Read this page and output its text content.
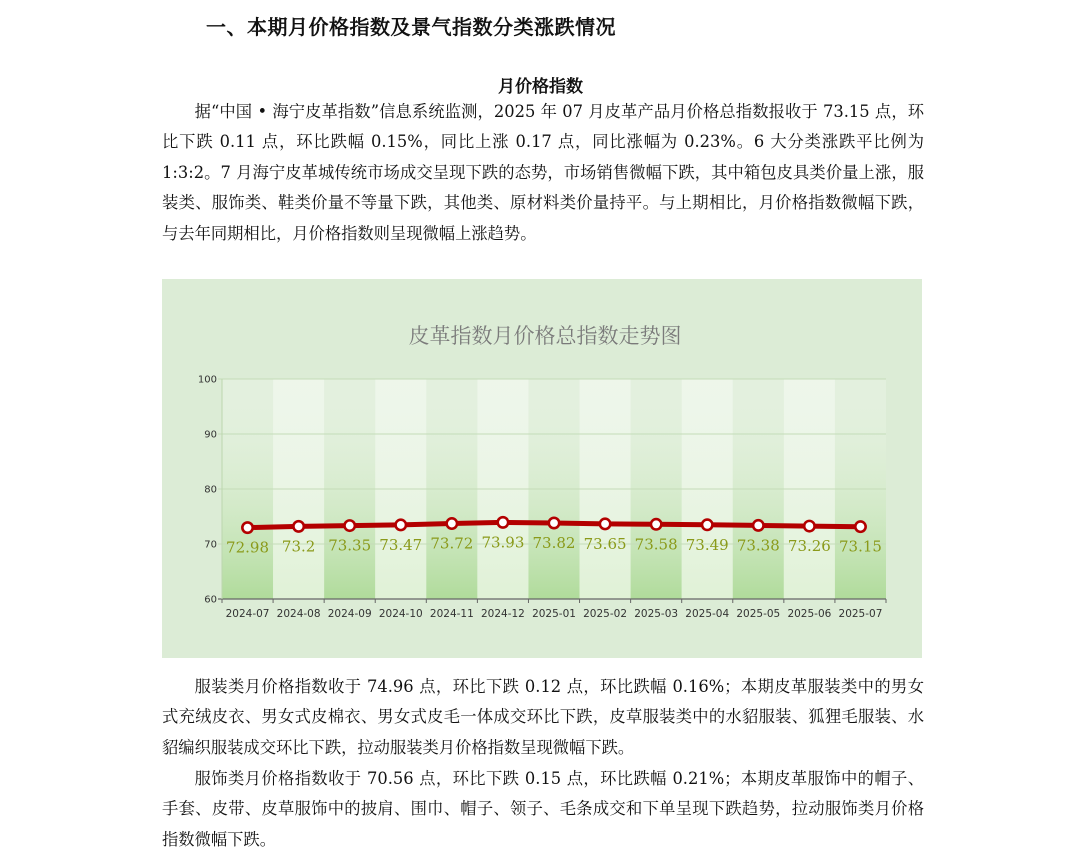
一、本期月价格指数及景气指数分类涨跌情况
月价格指数
据“中国 • 海宁皮革指数”信息系统监测，2025 年 07 月皮革产品月价格总指数报收于 73.15 点，环比下跌 0.11 点，环比跌幅 0.15%，同比上涨 0.17 点，同比涨幅为 0.23%。6 大分类涨跌平比例为 1:3:2。7 月海宁皮革城传统市场成交呈现下跌的态势，市场销售微幅下跌，其中箱包皮具类价量上涨，服装类、服饰类、鞋类价量不等量下跌，其他类、原材料类价量持平。与上期相比，月价格指数微幅下跌，与去年同期相比，月价格指数则呈现微幅上涨趋势。
皮革指数月价格总指数走势图
60
70
80
90
100
2024-07 2024-08 2024-09 2024-10 2024-11 2024-12 2025-01 2025-02 2025-03 2025-04 2025-05 2025-06 2025-07
72.98 73.2 73.35 73.47 73.72 73.93 73.82 73.65 73.58 73.49 73.38 73.26 73.15
服装类月价格指数收于 74.96 点，环比下跌 0.12 点，环比跌幅 0.16%；本期皮革服装类中的男女式充绒皮衣、男女式皮棉衣、男女式皮毛一体成交环比下跌，皮草服装类中的水貂服装、狐狸毛服装、水貂编织服装成交环比下跌，拉动服装类月价格指数呈现微幅下跌。
服饰类月价格指数收于 70.56 点，环比下跌 0.15 点，环比跌幅 0.21%；本期皮革服饰中的帽子、手套、皮带、皮草服饰中的披肩、围巾、帽子、领子、毛条成交和下单呈现下跌趋势，拉动服饰类月价格指数微幅下跌。
